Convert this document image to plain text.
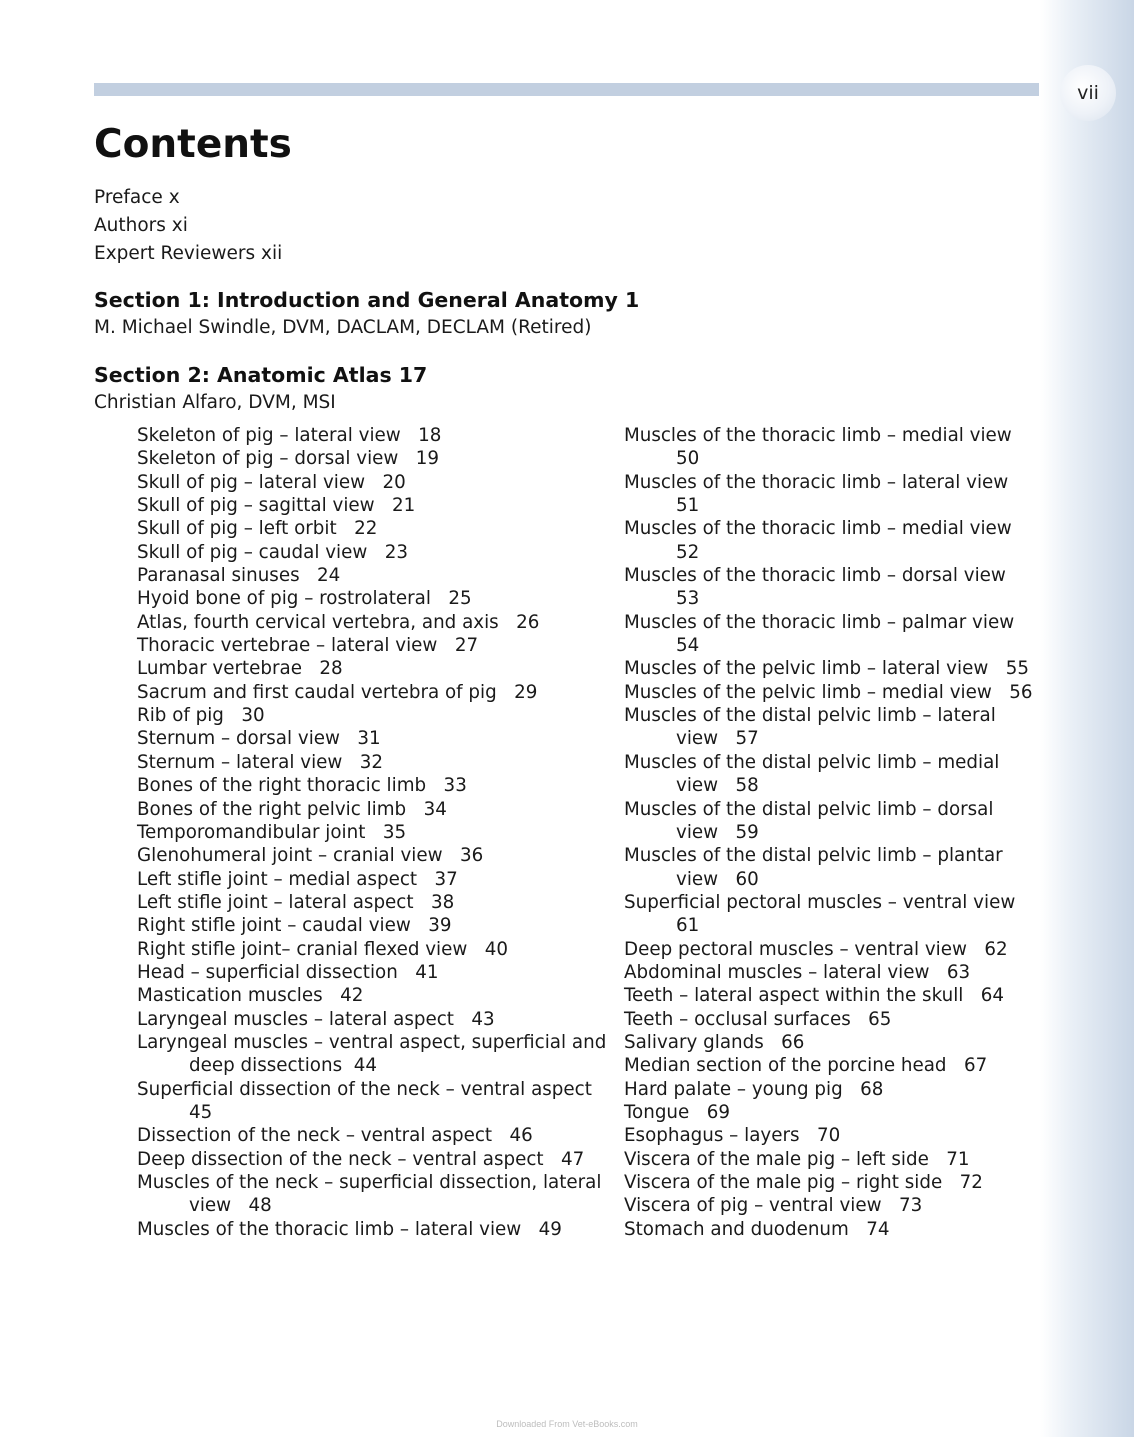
vii
Contents
Preface x
Authors xi
Expert Reviewers xii
Section 1: Introduction and General Anatomy 1

M. Michael Swindle, DVM, DACLAM, DECLAM (Retired)

Section 2: Anatomic Atlas 17

Christian Alfaro, DVM, MSI

Skeleton of pig – lateral view   18
Skeleton of pig – dorsal view   19
Skull of pig – lateral view   20
Skull of pig – sagittal view   21
Skull of pig – left orbit   22
Skull of pig – caudal view   23
Paranasal sinuses   24
Hyoid bone of pig – rostrolateral   25
Atlas, fourth cervical vertebra, and axis   26
Thoracic vertebrae – lateral view   27
Lumbar vertebrae   28
Sacrum and first caudal vertebra of pig   29
Rib of pig   30
Sternum – dorsal view   31
Sternum – lateral view   32
Bones of the right thoracic limb   33
Bones of the right pelvic limb   34
Temporomandibular joint   35
Glenohumeral joint – cranial view   36
Left stifle joint – medial aspect   37
Left stifle joint – lateral aspect   38
Right stifle joint – caudal view   39
Right stifle joint– cranial flexed view   40
Head – superficial dissection   41
Mastication muscles   42
Laryngeal muscles – lateral aspect   43
Laryngeal muscles – ventral aspect, superficial and deep dissections  44
Superficial dissection of the neck – ventral aspect   45
Dissection of the neck – ventral aspect   46
Deep dissection of the neck – ventral aspect   47
Muscles of the neck – superficial dissection, lateral view   48
Muscles of the thoracic limb – lateral view   49
Muscles of the thoracic limb – medial view   50
Muscles of the thoracic limb – lateral view   51
Muscles of the thoracic limb – medial view   52
Muscles of the thoracic limb – dorsal view   53
Muscles of the thoracic limb – palmar view   54
Muscles of the pelvic limb – lateral view   55
Muscles of the pelvic limb – medial view   56
Muscles of the distal pelvic limb – lateral view   57
Muscles of the distal pelvic limb – medial view   58
Muscles of the distal pelvic limb – dorsal view   59
Muscles of the distal pelvic limb – plantar view   60
Superficial pectoral muscles – ventral view   61
Deep pectoral muscles – ventral view   62
Abdominal muscles – lateral view   63
Teeth – lateral aspect within the skull   64
Teeth – occlusal surfaces   65
Salivary glands   66
Median section of the porcine head   67
Hard palate – young pig   68
Tongue   69
Esophagus – layers   70
Viscera of the male pig – left side   71
Viscera of the male pig – right side   72
Viscera of pig – ventral view   73
Stomach and duodenum   74
Downloaded From Vet-eBooks.com
